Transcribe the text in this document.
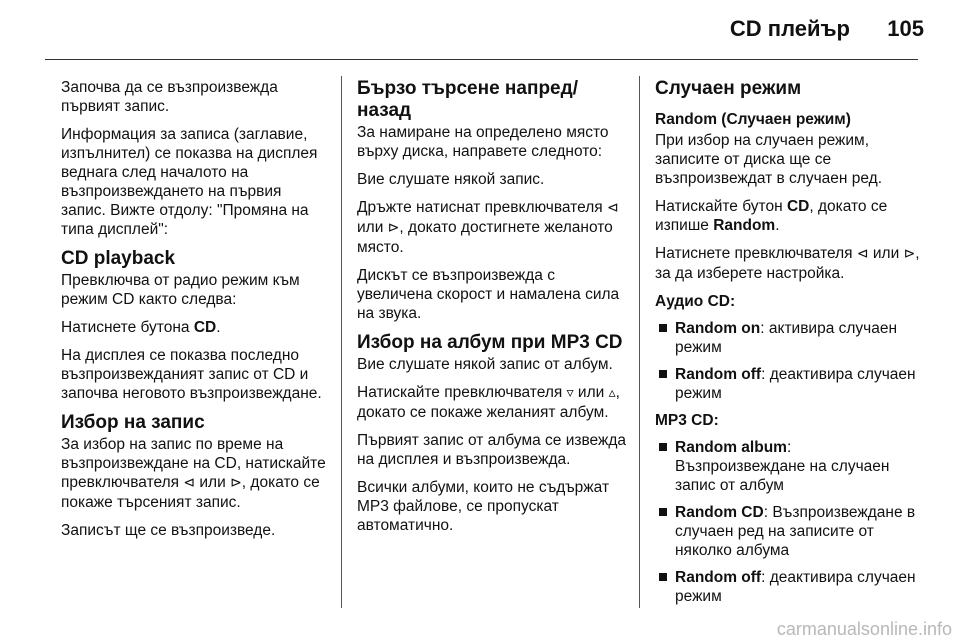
CD плейър	105

Започва да се възпроизвежда първият запис.

Информация за записа (заглавие, изпълнител) се показва на дисплея веднага след началото на възпроизвеждането на първия запис. Вижте отдолу: "Промяна на типа дисплей":

CD playback

Превключва от радио режим към режим CD както следва:

Натиснете бутона CD.

На дисплея се показва последно възпроизвежданият запис от CD и започва неговото възпроизвеждане.

Избор на запис

За избор на запис по време на възпроизвеждане на CD, натискайте превключвателя ⊲ или ⊳, докато се покаже търсеният запис.

Записът ще се възпроизведе.

Бързо търсене напред/назад

За намиране на определено място върху диска, направете следното:

Вие слушате някой запис.

Дръжте натиснат превключвателя ⊲ или ⊳, докато достигнете желаното място.

Дискът се възпроизвежда с увеличена скорост и намалена сила на звука.

Избор на албум при MP3 CD

Вие слушате някой запис от албум.

Натискайте превключвателя ▿ или ▵, докато се покаже желаният албум.

Първият запис от албума се извежда на дисплея и възпроизвежда.

Всички албуми, които не съдържат MP3 файлове, се пропускат автоматично.

Случаен режим
Random (Случаен режим)

При избор на случаен режим, записите от диска ще се възпроизвеждат в случаен ред.

Натискайте бутон CD, докато се изпише Random.

Натиснете превключвателя ⊲ или ⊳, за да изберете настройка.

Аудио CD:

Random on: активира случаен режим
Random off: деактивира случаен режим

MP3 CD:

Random album: Възпроизвеждане на случаен запис от албум
Random CD: Възпроизвеждане в случаен ред на записите от няколко албума
Random off: деактивира случаен режим
carmanualsonline.info
